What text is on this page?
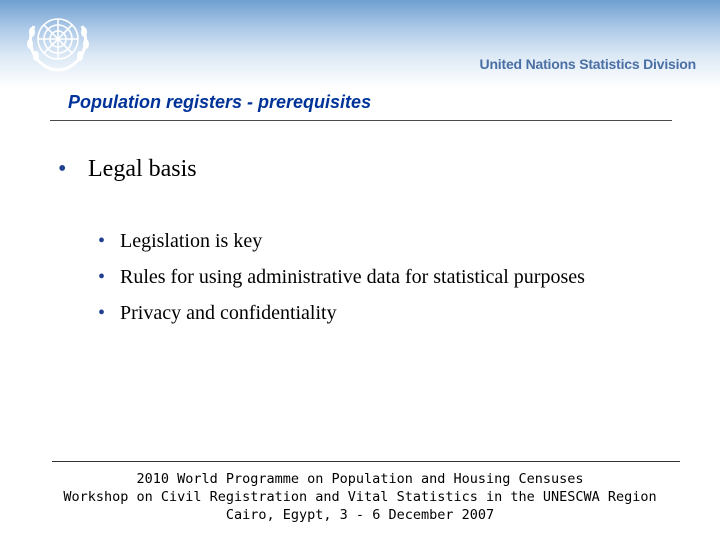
United Nations Statistics Division
Population registers - prerequisites
• Legal basis
• Legislation is key
• Rules for using administrative data for statistical purposes
• Privacy and confidentiality
2010 World Programme on Population and Housing Censuses
Workshop on Civil Registration and Vital Statistics in the UNESCWA Region
Cairo, Egypt, 3 - 6 December 2007
